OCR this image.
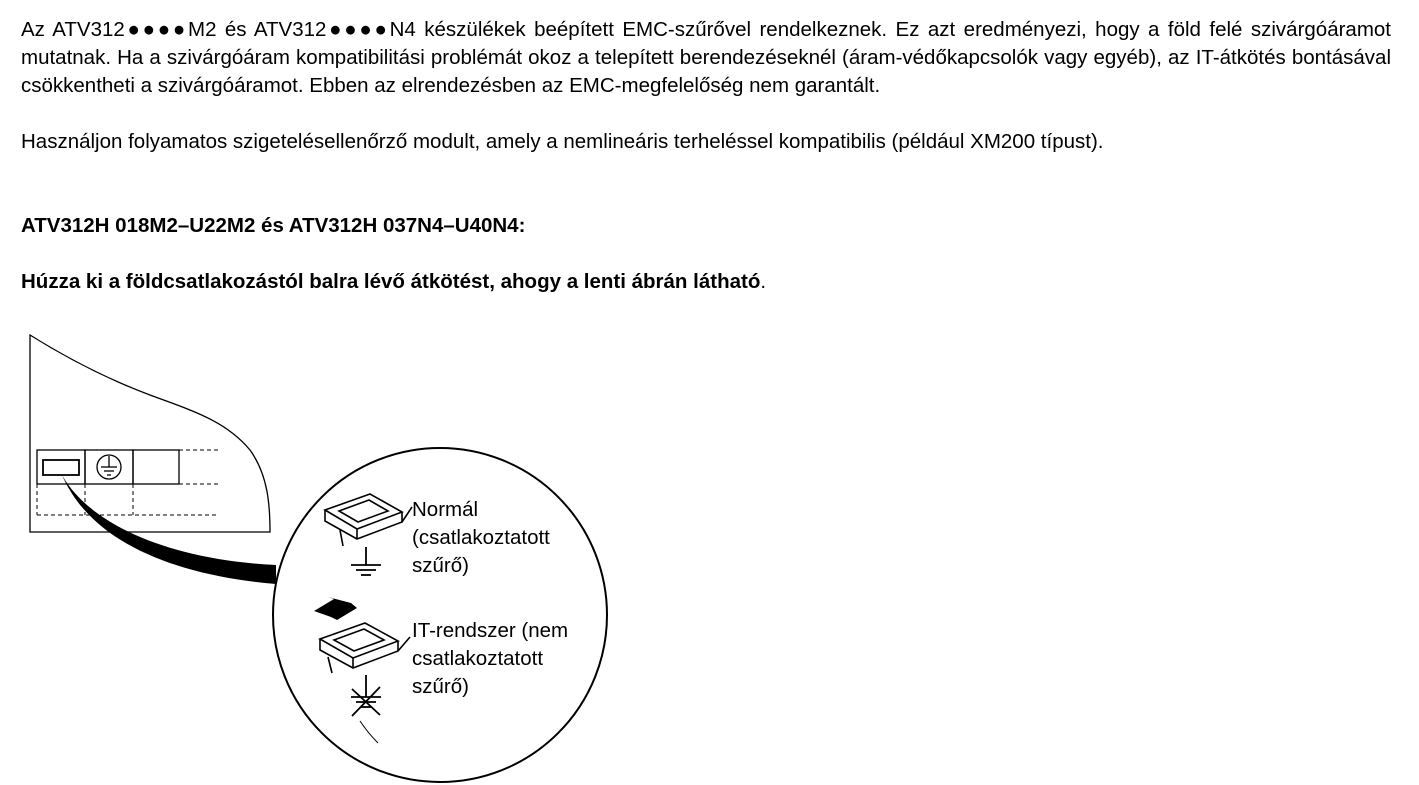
Az ATV312●●●●M2 és ATV312●●●●N4 készülékek beépített EMC-szűrővel rendelkeznek. Ez azt eredményezi, hogy a föld felé szivárgóáramot mutatnak. Ha a szivárgóáram kompatibilitási problémát okoz a telepített berendezéseknél (áram-védőkapcsolók vagy egyéb), az IT-átkötés bontásával csökkentheti a szivárgóáramot. Ebben az elrendezésben az EMC-megfelelőség nem garantált.

Használjon folyamatos szigetelésellenőrző modult, amely a nemlineáris terheléssel kompatibilis (például XM200 típust).

ATV312H 018M2–U22M2 és ATV312H 037N4–U40N4:

Húzza ki a földcsatlakozástól balra lévő átkötést, ahogy a lenti ábrán látható.

Normál
(csatlakoztatott
szűrő)
IT-rendszer (nem
csatlakoztatott
szűrő)
